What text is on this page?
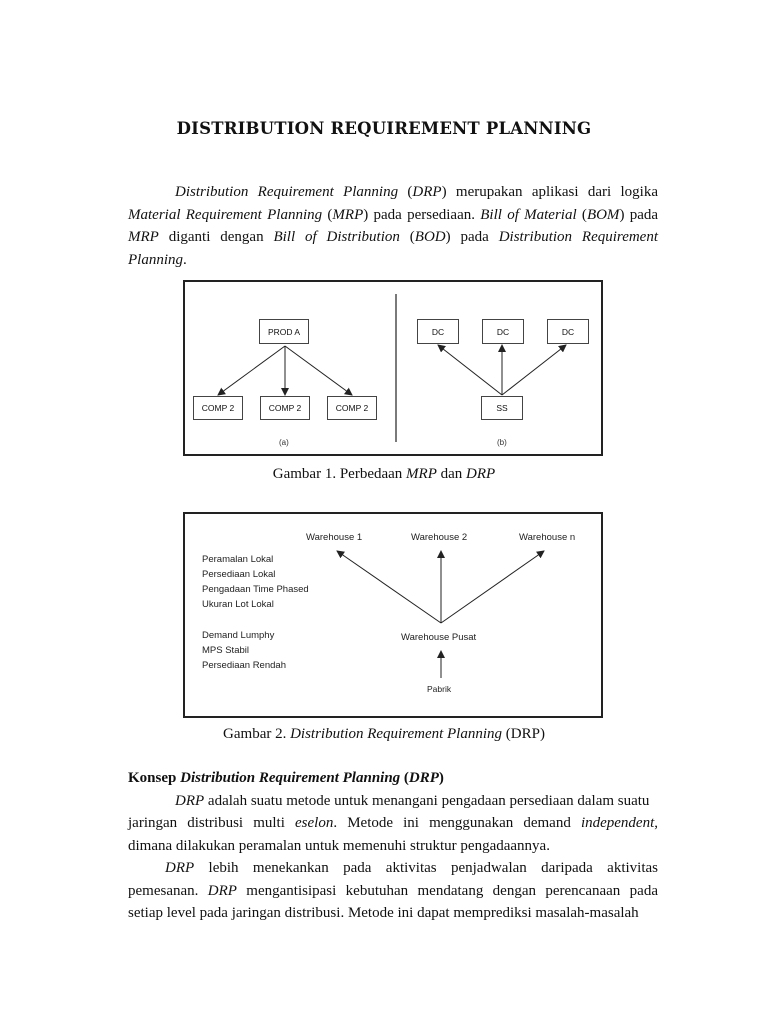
DISTRIBUTION REQUIREMENT PLANNING
Distribution Requirement Planning (DRP) merupakan aplikasi dari logika
Material Requirement Planning (MRP) pada persediaan. Bill of Material (BOM) pada
MRP diganti dengan Bill of Distribution (BOD) pada Distribution Requirement
Planning.
PROD A
COMP 2	COMP 2	COMP 2
(a)
DC	DC	DC
SS
(b)
Gambar 1. Perbedaan MRP dan DRP
Warehouse 1	Warehouse 2	Warehouse n
Warehouse Pusat
Pabrik
Peramalan Lokal
Persediaan Lokal
Pengadaan Time Phased
Ukuran Lot Lokal
Demand Lumphy
MPS Stabil
Persediaan Rendah
Gambar 2. Distribution Requirement Planning (DRP)
Konsep Distribution Requirement Planning (DRP)
DRP adalah suatu metode untuk menangani pengadaan persediaan dalam suatu
jaringan distribusi multi eselon. Metode ini menggunakan demand independent,
dimana dilakukan peramalan untuk memenuhi struktur pengadaannya.
DRP lebih menekankan pada aktivitas penjadwalan daripada aktivitas
pemesanan. DRP mengantisipasi kebutuhan mendatang dengan perencanaan pada
setiap level pada jaringan distribusi. Metode ini dapat memprediksi masalah-masalah
